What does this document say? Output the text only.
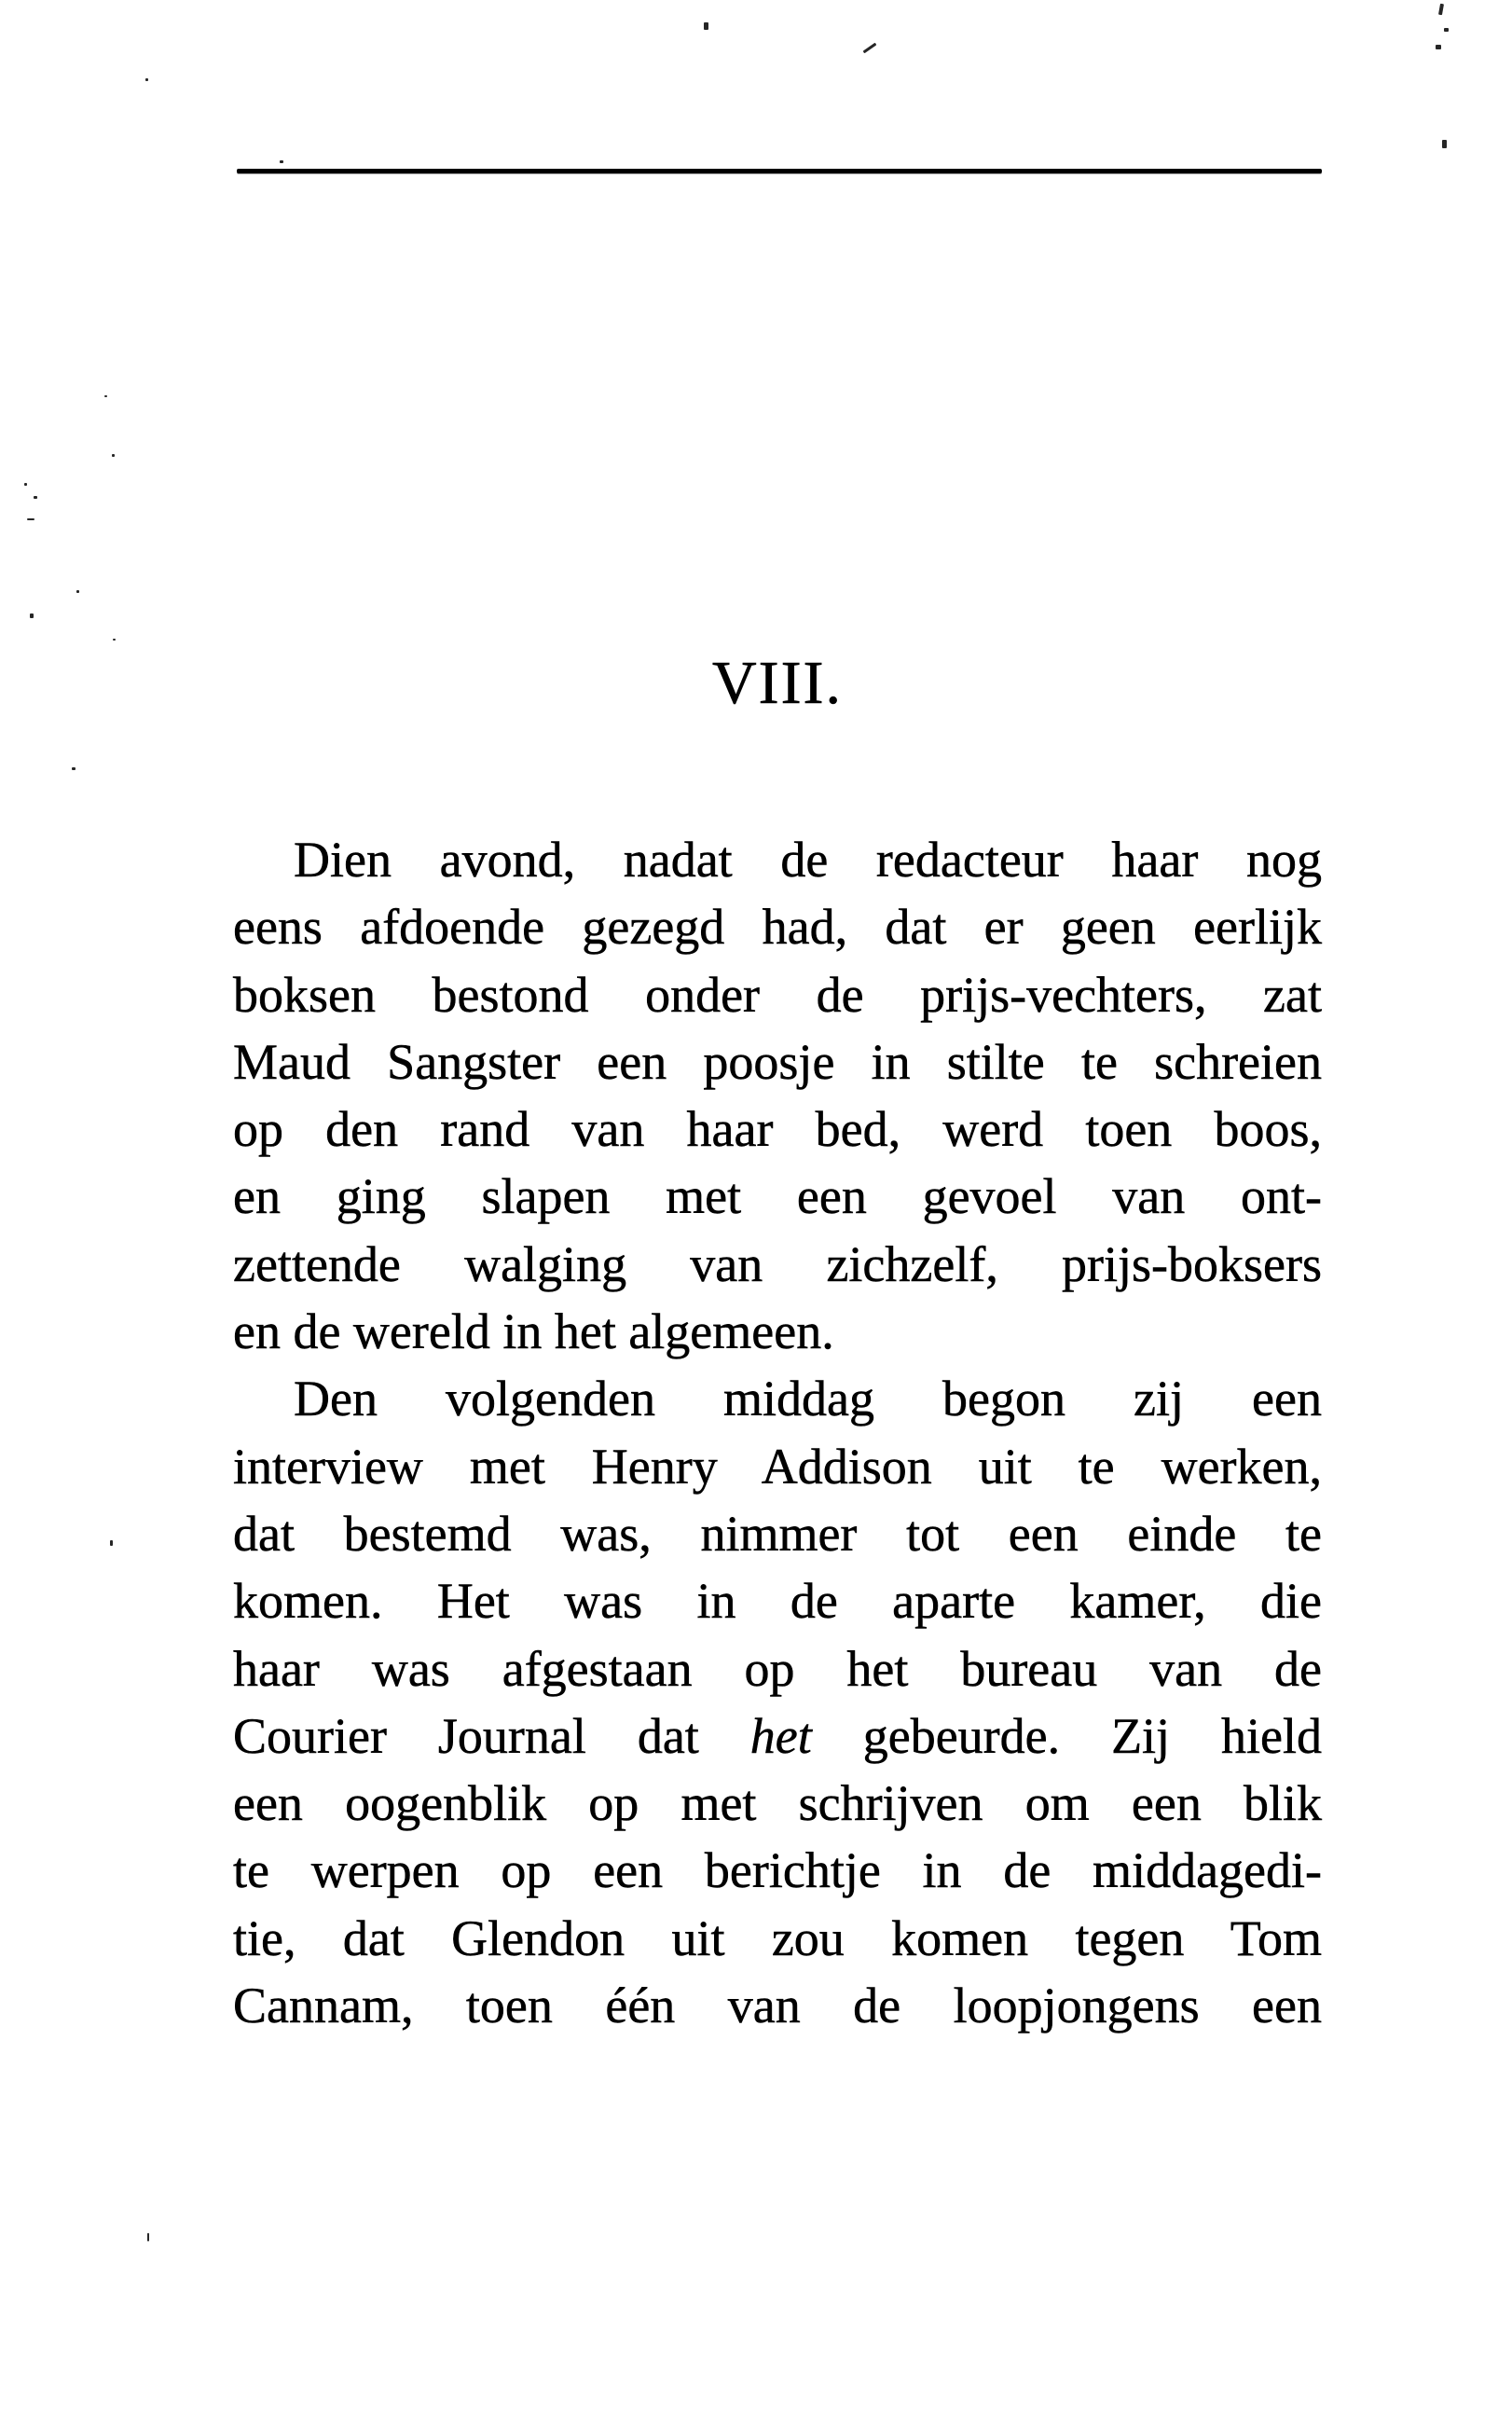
VIII.
Dien avond, nadat de redacteur haar nog
eens afdoende gezegd had, dat er geen eerlijk
boksen bestond onder de prijs-vechters, zat
Maud Sangster een poosje in stilte te schreien
op den rand van haar bed, werd toen boos,
en ging slapen met een gevoel van ont-
zettende walging van zichzelf, prijs-boksers
en de wereld in het algemeen.
Den volgenden middag begon zij een
interview met Henry Addison uit te werken,
dat bestemd was, nimmer tot een einde te
komen. Het was in de aparte kamer, die
haar was afgestaan op het bureau van de
Courier Journal dat het gebeurde. Zij hield
een oogenblik op met schrijven om een blik
te werpen op een berichtje in de middagedi-
tie, dat Glendon uit zou komen tegen Tom
Cannam, toen één van de loopjongens een
